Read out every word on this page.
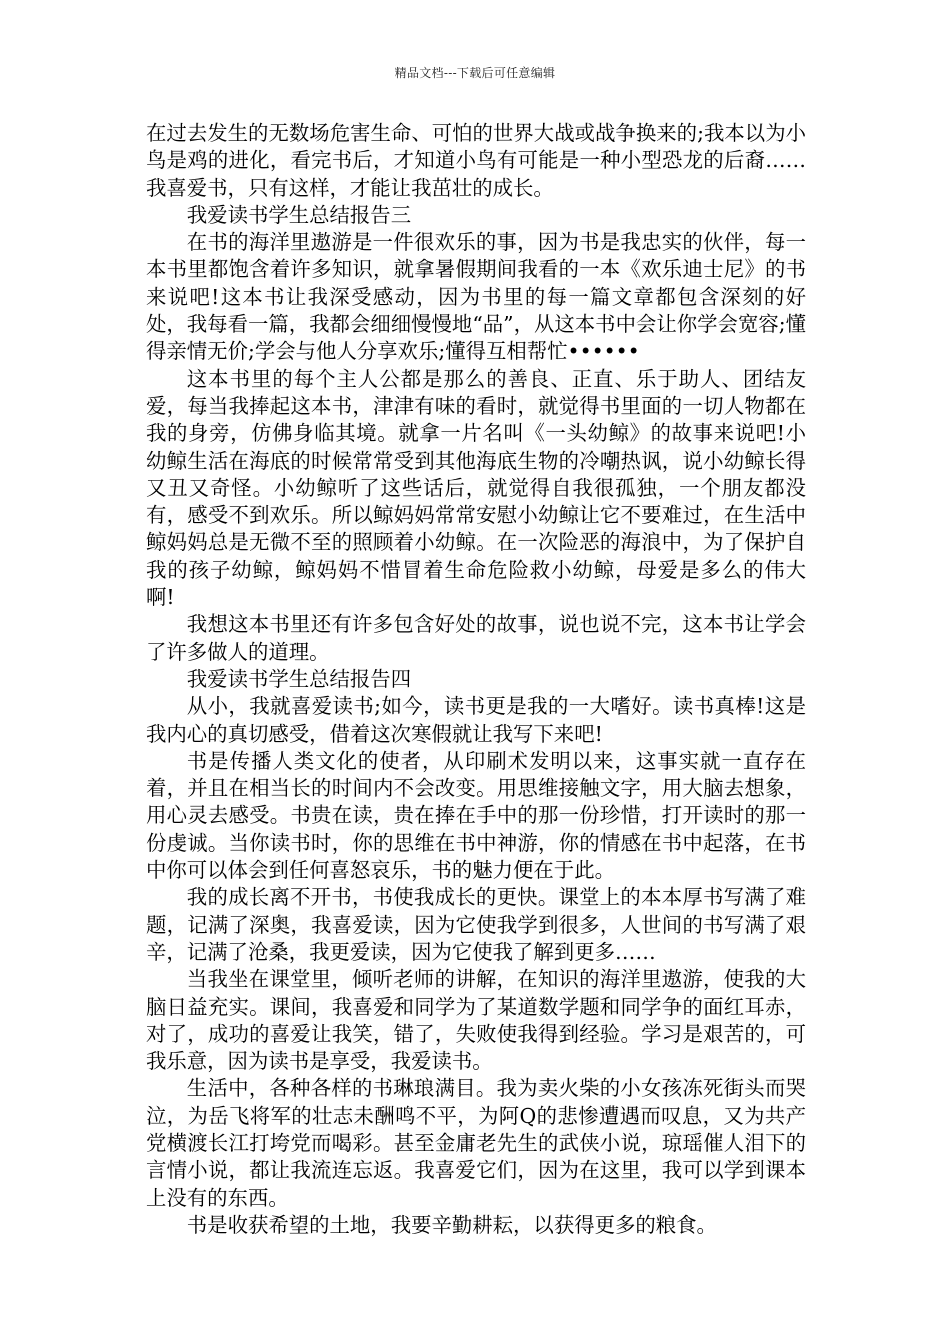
精品文档---下载后可任意编辑

在过去发生的无数场危害生命、可怕的世界大战或战争换来的;我本以为小鸟是鸡的进化，看完书后，才知道小鸟有可能是一种小型恐龙的后裔……我喜爱书，只有这样，才能让我茁壮的成长。

我爱读书学生总结报告三

在书的海洋里遨游是一件很欢乐的事，因为书是我忠实的伙伴，每一本书里都饱含着许多知识，就拿暑假期间我看的一本《欢乐迪士尼》的书来说吧!这本书让我深受感动，因为书里的每一篇文章都包含深刻的好处，我每看一篇，我都会细细慢慢地“品”，从这本书中会让你学会宽容;懂得亲情无价;学会与他人分享欢乐;懂得互相帮忙••••••

这本书里的每个主人公都是那么的善良、正直、乐于助人、团结友爱，每当我捧起这本书，津津有味的看时，就觉得书里面的一切人物都在我的身旁，仿佛身临其境。就拿一片名叫《一头幼鲸》的故事来说吧!小幼鲸生活在海底的时候常常受到其他海底生物的冷嘲热讽，说小幼鲸长得又丑又奇怪。小幼鲸听了这些话后，就觉得自我很孤独，一个朋友都没有，感受不到欢乐。所以鲸妈妈常常安慰小幼鲸让它不要难过，在生活中鲸妈妈总是无微不至的照顾着小幼鲸。在一次险恶的海浪中，为了保护自我的孩子幼鲸，鲸妈妈不惜冒着生命危险救小幼鲸，母爱是多么的伟大啊!

我想这本书里还有许多包含好处的故事，说也说不完，这本书让学会了许多做人的道理。

我爱读书学生总结报告四

从小，我就喜爱读书;如今，读书更是我的一大嗜好。读书真棒!这是我内心的真切感受，借着这次寒假就让我写下来吧!

书是传播人类文化的使者，从印刷术发明以来，这事实就一直存在着，并且在相当长的时间内不会改变。用思维接触文字，用大脑去想象，用心灵去感受。书贵在读，贵在捧在手中的那一份珍惜，打开读时的那一份虔诚。当你读书时，你的思维在书中神游，你的情感在书中起落，在书中你可以体会到任何喜怒哀乐，书的魅力便在于此。

我的成长离不开书，书使我成长的更快。课堂上的本本厚书写满了难题，记满了深奥，我喜爱读，因为它使我学到很多，人世间的书写满了艰辛，记满了沧桑，我更爱读，因为它使我了解到更多……

当我坐在课堂里，倾听老师的讲解，在知识的海洋里遨游，使我的大脑日益充实。课间，我喜爱和同学为了某道数学题和同学争的面红耳赤，对了，成功的喜爱让我笑，错了，失败使我得到经验。学习是艰苦的，可我乐意，因为读书是享受，我爱读书。

生活中，各种各样的书琳琅满目。我为卖火柴的小女孩冻死街头而哭泣，为岳飞将军的壮志未酬鸣不平，为阿Q的悲惨遭遇而叹息，又为共产党横渡长江打垮党而喝彩。甚至金庸老先生的武侠小说，琼瑶催人泪下的言情小说，都让我流连忘返。我喜爱它们，因为在这里，我可以学到课本上没有的东西。

书是收获希望的土地，我要辛勤耕耘，以获得更多的粮食。
